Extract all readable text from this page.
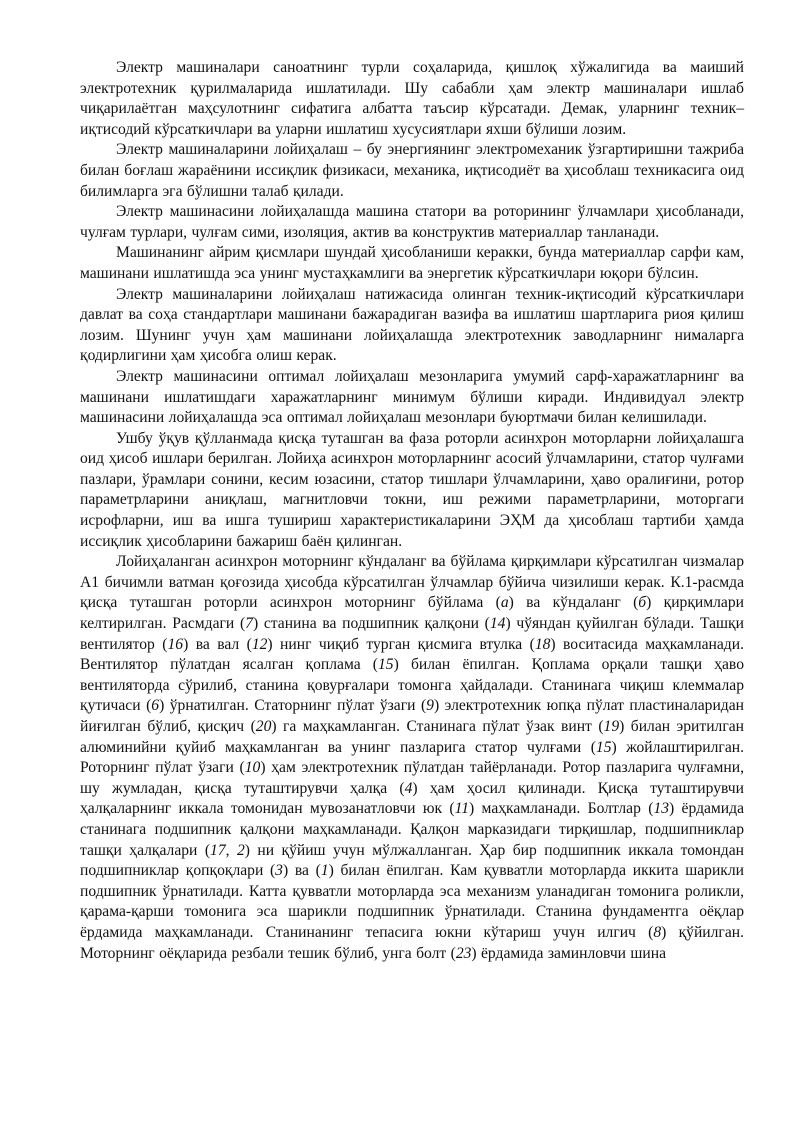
Электр машиналари саноатнинг турли соҳаларида, қишлоқ хўжалигида ва маиший электротехник қурилмаларида ишлатилади. Шу сабабли ҳам электр машиналари ишлаб чиқарилаётган маҳсулотнинг сифатига албатта таъсир кўрсатади. Демак, уларнинг техник–иқтисодий кўрсаткичлари ва уларни ишлатиш хусусиятлари яхши бўлиши лозим.

Электр машиналарини лойиҳалаш – бу энергиянинг электромеханик ўзгартиришни тажриба билан боғлаш жараёнини иссиқлик физикаси, механика, иқтисодиёт ва ҳисоблаш техникасига оид билимларга эга бўлишни талаб қилади.

Электр машинасини лойиҳалашда машина статори ва роторининг ўлчамлари ҳисобланади, чулғам турлари, чулғам сими, изоляция, актив ва конструктив материаллар танланади.

Машинанинг айрим қисмлари шундай ҳисобланиши керакки, бунда материаллар сарфи кам, машинани ишлатишда эса унинг мустаҳкамлиги ва энергетик кўрсаткичлари юқори бўлсин.

Электр машиналарини лойиҳалаш натижасида олинган техник-иқтисодий кўрсаткичлари давлат ва соҳа стандартлари машинани бажарадиган вазифа ва ишлатиш шартларига риоя қилиш лозим. Шунинг учун ҳам машинани лойиҳалашда электротехник заводларнинг нималарга қодирлигини ҳам ҳисобга олиш керак.

Электр машинасини оптимал лойиҳалаш мезонларига умумий сарф-харажатларнинг ва машинани ишлатишдаги харажатларнинг минимум бўлиши киради. Индивидуал электр машинасини лойиҳалашда эса оптимал лойиҳалаш мезонлари буюртмачи билан келишилади.

Ушбу ўқув қўлланмада қисқа туташган ва фаза роторли асинхрон моторларни лойиҳалашга оид ҳисоб ишлари берилган. Лойиҳа асинхрон моторларнинг асосий ўлчамларини, статор чулғами пазлари, ўрамлари сонини, кесим юзасини, статор тишлари ўлчамларини, ҳаво оралиғини, ротор параметрларини аниқлаш, магнитловчи токни, иш режими параметрларини, моторгаги исрофларни, иш ва ишга тушириш характеристикаларини ЭҲМ да ҳисоблаш тартиби ҳамда иссиқлик ҳисобларини бажариш баён қилинган.

Лойиҳаланган асинхрон моторнинг кўндаланг ва бўйлама қирқимлари кўрсатилган чизмалар А1 бичимли ватман қоғозида ҳисобда кўрсатилган ўлчамлар бўйича чизилиши керак. К.1-расмда қисқа туташган роторли асинхрон моторнинг бўйлама (а) ва кўндаланг (б) қирқимлари келтирилган. Расмдаги (7) станина ва подшипник қалқони (14) чўяндан қуйилган бўлади. Ташқи вентилятор (16) ва вал (12) нинг чиқиб турган қисмига втулка (18) воситасида маҳкамланади. Вентилятор пўлатдан ясалган қоплама (15) билан ёпилган. Қоплама орқали ташқи ҳаво вентиляторда сўрилиб, станина қовурғалари томонга ҳайдалади. Станинага чиқиш клеммалар қутичаси (6) ўрнатилган. Статорнинг пўлат ўзаги (9) электротехник юпқа пўлат пластиналаридан йиғилган бўлиб, қисқич (20) га маҳкамланган. Станинага пўлат ўзак винт (19) билан эритилган алюминийни қуйиб маҳкамланган ва унинг пазларига статор чулғами (15) жойлаштирилган. Роторнинг пўлат ўзаги (10) ҳам электротехник пўлатдан тайёрланади. Ротор пазларига чулғамни, шу жумладан, қисқа туташтирувчи ҳалқа (4) ҳам ҳосил қилинади. Қисқа туташтирувчи ҳалқаларнинг иккала томонидан мувозанатловчи юк (11) маҳкамланади. Болтлар (13) ёрдамида станинага подшипник қалқони маҳкамланади. Қалқон марказидаги тирқишлар, подшипниклар ташқи ҳалқалари (17, 2) ни қўйиш учун мўлжалланган. Ҳар бир подшипник иккала томондан подшипниклар қопқоқлари (3) ва (1) билан ёпилган. Кам қувватли моторларда иккита шарикли подшипник ўрнатилади. Катта қувватли моторларда эса механизм уланадиган томонига роликли, қарама-қарши томонига эса шарикли подшипник ўрнатилади. Станина фундаментга оёқлар ёрдамида маҳкамланади. Станинанинг тепасига юкни кўтариш учун илгич (8) қўйилган. Моторнинг оёқларида резбали тешик бўлиб, унга болт (23) ёрдамида заминловчи шина
